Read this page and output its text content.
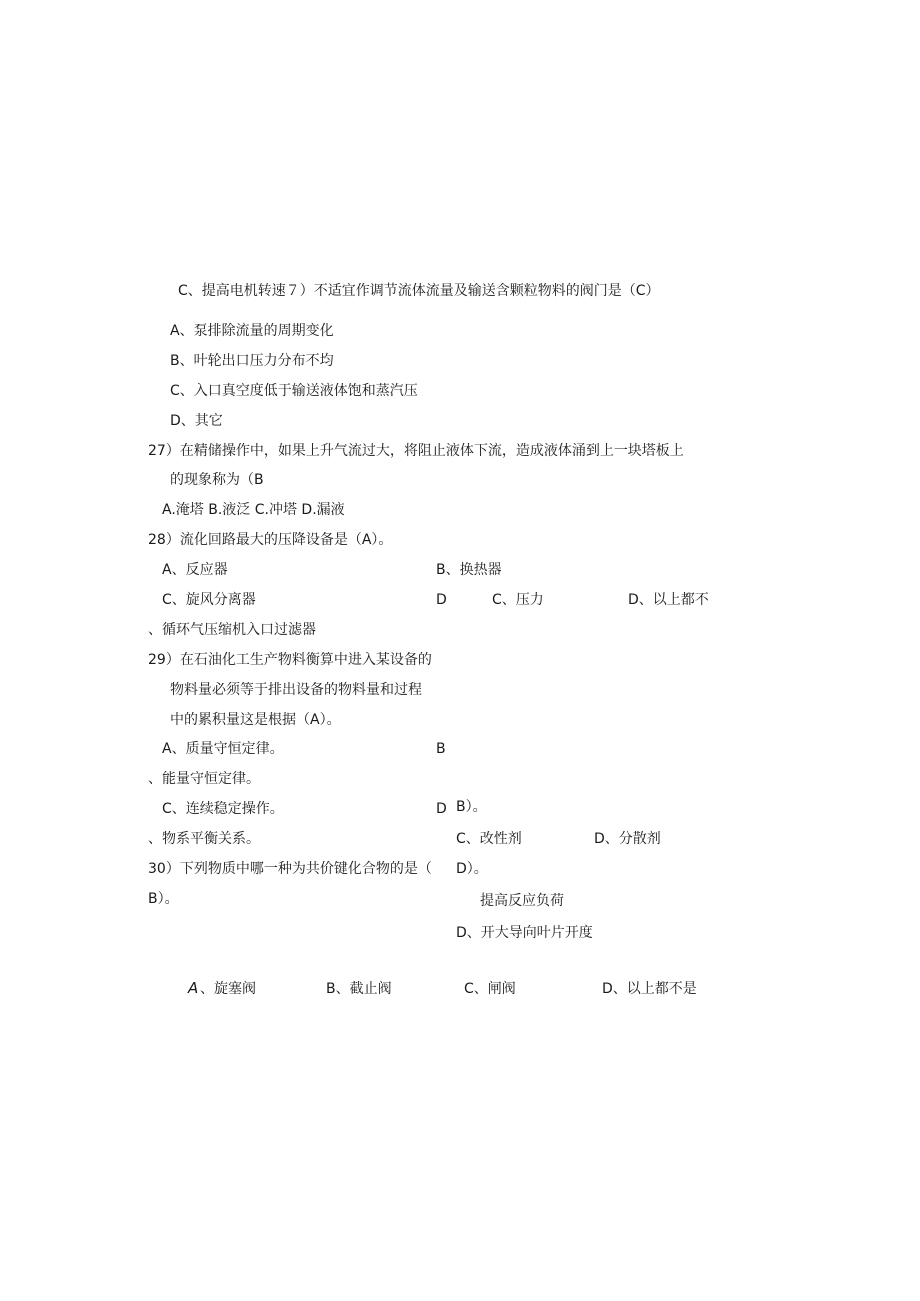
C、提高电机转速７）不适宜作调节流体流量及输送含颗粒物料的阀门是（C）
A、泵排除流量的周期变化
B、叶轮出口压力分布不均
C、入口真空度低于输送液体饱和蒸汽压
D、其它
27）在精储操作中，如果上升气流过大，将阻止液体下流，造成液体涌到上一块塔板上
的现象称为（B
A.淹塔 B.液泛 C.冲塔 D.漏液
28）流化回路最大的压降设备是（A）。
A、反应器	B、换热器
C、旋风分离器	D	C、压力	D、以上都不
、循环气压缩机入口过滤器
29）在石油化工生产物料衡算中进入某设备的
物料量必须等于排出设备的物料量和过程
中的累积量这是根据（A）。
A、质量守恒定律。	B
、能量守恒定律。
C、连续稳定操作。	D B）。
、物系平衡关系。	C、改性剂	D、分散剂
30）下列物质中哪一种为共价键化合物的是（ D）。
B）。	提高反应负荷
D、开大导向叶片开度
A 、旋塞阀	B、截止阀	C、闸阀	D、以上都不是
